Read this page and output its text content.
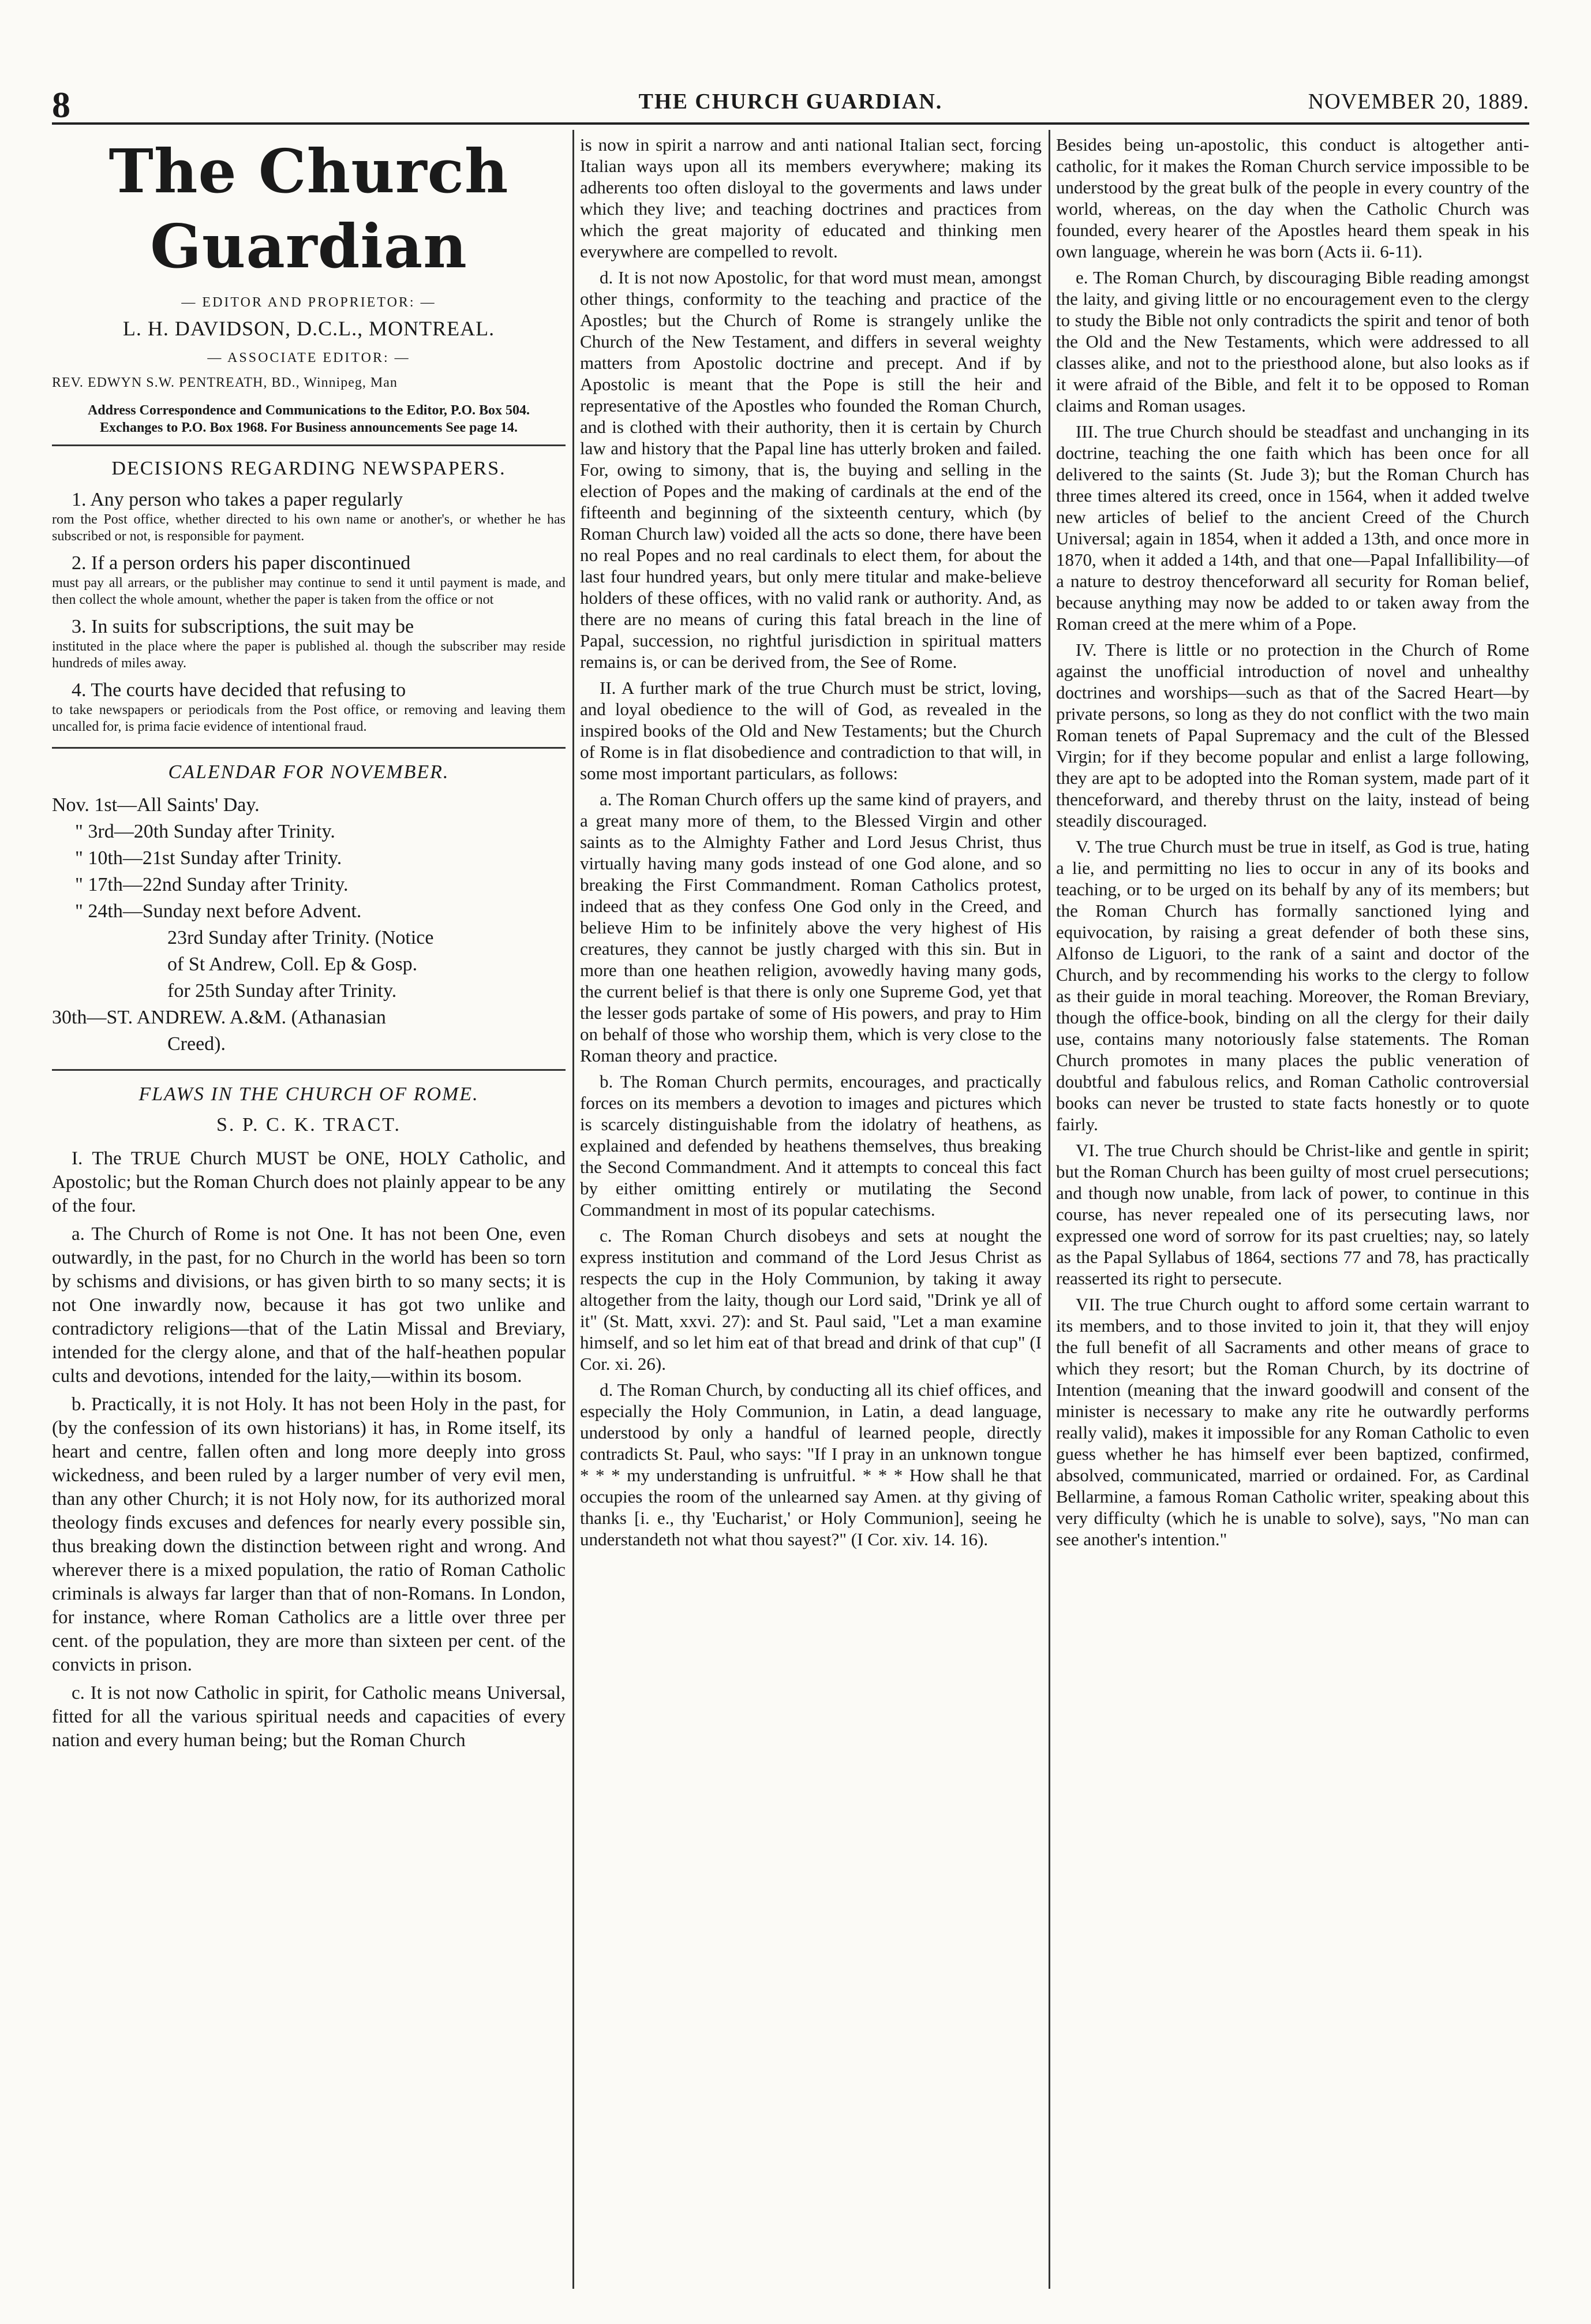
8	THE CHURCH GUARDIAN.	NOVEMBER 20, 1889.
The Church Guardian
— EDITOR AND PROPRIETOR: —
L. H. DAVIDSON, D.C.L., MONTREAL.
— ASSOCIATE EDITOR: —
REV. EDWYN S.W. PENTREATH, BD., Winnipeg, Man
Address Correspondence and Communications to the Editor, P.O. Box 504. Exchanges to P.O. Box 1968. For Business announcements See page 14.
DECISIONS REGARDING NEWSPAPERS.
1. Any person who takes a paper regularly
rom the Post office, whether directed to his own name or another's, or whether he has subscribed or not, is responsible for payment.
2. If a person orders his paper discontinued
must pay all arrears, or the publisher may continue to send it until payment is made, and then collect the whole amount, whether the paper is taken from the office or not
3. In suits for subscriptions, the suit may be
instituted in the place where the paper is published al. though the subscriber may reside hundreds of miles away.
4. The courts have decided that refusing to
to take newspapers or periodicals from the Post office, or removing and leaving them uncalled for, is prima facie evidence of intentional fraud.
CALENDAR FOR NOVEMBER.
Nov. 1st—All Saints' Day.
" 3rd—20th Sunday after Trinity.
" 10th—21st Sunday after Trinity.
" 17th—22nd Sunday after Trinity.
" 24th—Sunday next before Advent.
23rd Sunday after Trinity. (Notice
of St Andrew, Coll. Ep & Gosp.
for 25th Sunday after Trinity.
30th—ST. ANDREW. A.&M. (Athanasian
Creed).
FLAWS IN THE CHURCH OF ROME.
S. P. C. K. TRACT.

I. The TRUE Church MUST be ONE, HOLY Catholic, and Apostolic; but the Roman Church does not plainly appear to be any of the four.

a. The Church of Rome is not One. It has not been One, even outwardly, in the past, for no Church in the world has been so torn by schisms and divisions, or has given birth to so many sects; it is not One inwardly now, because it has got two unlike and contradictory religions—that of the Latin Missal and Breviary, intended for the clergy alone, and that of the half-heathen popular cults and devotions, intended for the laity,—within its bosom.

b. Practically, it is not Holy. It has not been Holy in the past, for (by the confession of its own historians) it has, in Rome itself, its heart and centre, fallen often and long more deeply into gross wickedness, and been ruled by a larger number of very evil men, than any other Church; it is not Holy now, for its authorized moral theology finds excuses and defences for nearly every possible sin, thus breaking down the distinction between right and wrong. And wherever there is a mixed population, the ratio of Roman Catholic criminals is always far larger than that of non-Romans. In London, for instance, where Roman Catholics are a little over three per cent. of the population, they are more than sixteen per cent. of the convicts in prison.

c. It is not now Catholic in spirit, for Catholic means Universal, fitted for all the various spiritual needs and capacities of every nation and every human being; but the Roman Church

is now in spirit a narrow and anti national Italian sect, forcing Italian ways upon all its members everywhere; making its adherents too often disloyal to the goverments and laws under which they live; and teaching doctrines and practices from which the great majority of educated and thinking men everywhere are compelled to revolt.

d. It is not now Apostolic, for that word must mean, amongst other things, conformity to the teaching and practice of the Apostles; but the Church of Rome is strangely unlike the Church of the New Testament, and differs in several weighty matters from Apostolic doctrine and precept. And if by Apostolic is meant that the Pope is still the heir and representative of the Apostles who founded the Roman Church, and is clothed with their authority, then it is certain by Church law and history that the Papal line has utterly broken and failed. For, owing to simony, that is, the buying and selling in the election of Popes and the making of cardinals at the end of the fifteenth and beginning of the sixteenth century, which (by Roman Church law) voided all the acts so done, there have been no real Popes and no real cardinals to elect them, for about the last four hundred years, but only mere titular and make-believe holders of these offices, with no valid rank or authority. And, as there are no means of curing this fatal breach in the line of Papal, succession, no rightful jurisdiction in spiritual matters remains is, or can be derived from, the See of Rome.

II. A further mark of the true Church must be strict, loving, and loyal obedience to the will of God, as revealed in the inspired books of the Old and New Testaments; but the Church of Rome is in flat disobedience and contradiction to that will, in some most important particulars, as follows:

a. The Roman Church offers up the same kind of prayers, and a great many more of them, to the Blessed Virgin and other saints as to the Almighty Father and Lord Jesus Christ, thus virtually having many gods instead of one God alone, and so breaking the First Commandment. Roman Catholics protest, indeed that as they confess One God only in the Creed, and believe Him to be infinitely above the very highest of His creatures, they cannot be justly charged with this sin. But in more than one heathen religion, avowedly having many gods, the current belief is that there is only one Supreme God, yet that the lesser gods partake of some of His powers, and pray to Him on behalf of those who worship them, which is very close to the Roman theory and practice.

b. The Roman Church permits, encourages, and practically forces on its members a devotion to images and pictures which is scarcely distinguishable from the idolatry of heathens, as explained and defended by heathens themselves, thus breaking the Second Commandment. And it attempts to conceal this fact by either omitting entirely or mutilating the Second Commandment in most of its popular catechisms.

c. The Roman Church disobeys and sets at nought the express institution and command of the Lord Jesus Christ as respects the cup in the Holy Communion, by taking it away altogether from the laity, though our Lord said, "Drink ye all of it" (St. Matt, xxvi. 27): and St. Paul said, "Let a man examine himself, and so let him eat of that bread and drink of that cup" (I Cor. xi. 26).

d. The Roman Church, by conducting all its chief offices, and especially the Holy Communion, in Latin, a dead language, understood by only a handful of learned people, directly contradicts St. Paul, who says: "If I pray in an unknown tongue * * * my understanding is unfruitful. * * * How shall he that occupies the room of the unlearned say Amen. at thy giving of thanks [i. e., thy 'Eucharist,' or Holy Communion], seeing he understandeth not what thou sayest?" (I Cor. xiv. 14. 16).

Besides being un-apostolic, this conduct is altogether anti-catholic, for it makes the Roman Church service impossible to be understood by the great bulk of the people in every country of the world, whereas, on the day when the Catholic Church was founded, every hearer of the Apostles heard them speak in his own language, wherein he was born (Acts ii. 6-11).

e. The Roman Church, by discouraging Bible reading amongst the laity, and giving little or no encouragement even to the clergy to study the Bible not only contradicts the spirit and tenor of both the Old and the New Testaments, which were addressed to all classes alike, and not to the priesthood alone, but also looks as if it were afraid of the Bible, and felt it to be opposed to Roman claims and Roman usages.

III. The true Church should be steadfast and unchanging in its doctrine, teaching the one faith which has been once for all delivered to the saints (St. Jude 3); but the Roman Church has three times altered its creed, once in 1564, when it added twelve new articles of belief to the ancient Creed of the Church Universal; again in 1854, when it added a 13th, and once more in 1870, when it added a 14th, and that one—Papal Infallibility—of a nature to destroy thenceforward all security for Roman belief, because anything may now be added to or taken away from the Roman creed at the mere whim of a Pope.

IV. There is little or no protection in the Church of Rome against the unofficial introduction of novel and unhealthy doctrines and worships—such as that of the Sacred Heart—by private persons, so long as they do not conflict with the two main Roman tenets of Papal Supremacy and the cult of the Blessed Virgin; for if they become popular and enlist a large following, they are apt to be adopted into the Roman system, made part of it thenceforward, and thereby thrust on the laity, instead of being steadily discouraged.

V. The true Church must be true in itself, as God is true, hating a lie, and permitting no lies to occur in any of its books and teaching, or to be urged on its behalf by any of its members; but the Roman Church has formally sanctioned lying and equivocation, by raising a great defender of both these sins, Alfonso de Liguori, to the rank of a saint and doctor of the Church, and by recommending his works to the clergy to follow as their guide in moral teaching. Moreover, the Roman Breviary, though the office-book, binding on all the clergy for their daily use, contains many notoriously false statements. The Roman Church promotes in many places the public veneration of doubtful and fabulous relics, and Roman Catholic controversial books can never be trusted to state facts honestly or to quote fairly.

VI. The true Church should be Christ-like and gentle in spirit; but the Roman Church has been guilty of most cruel persecutions; and though now unable, from lack of power, to continue in this course, has never repealed one of its persecuting laws, nor expressed one word of sorrow for its past cruelties; nay, so lately as the Papal Syllabus of 1864, sections 77 and 78, has practically reasserted its right to persecute.

VII. The true Church ought to afford some certain warrant to its members, and to those invited to join it, that they will enjoy the full benefit of all Sacraments and other means of grace to which they resort; but the Roman Church, by its doctrine of Intention (meaning that the inward goodwill and consent of the minister is necessary to make any rite he outwardly performs really valid), makes it impossible for any Roman Catholic to even guess whether he has himself ever been baptized, confirmed, absolved, communicated, married or ordained. For, as Cardinal Bellarmine, a famous Roman Catholic writer, speaking about this very difficulty (which he is unable to solve), says, "No man can see another's intention."
